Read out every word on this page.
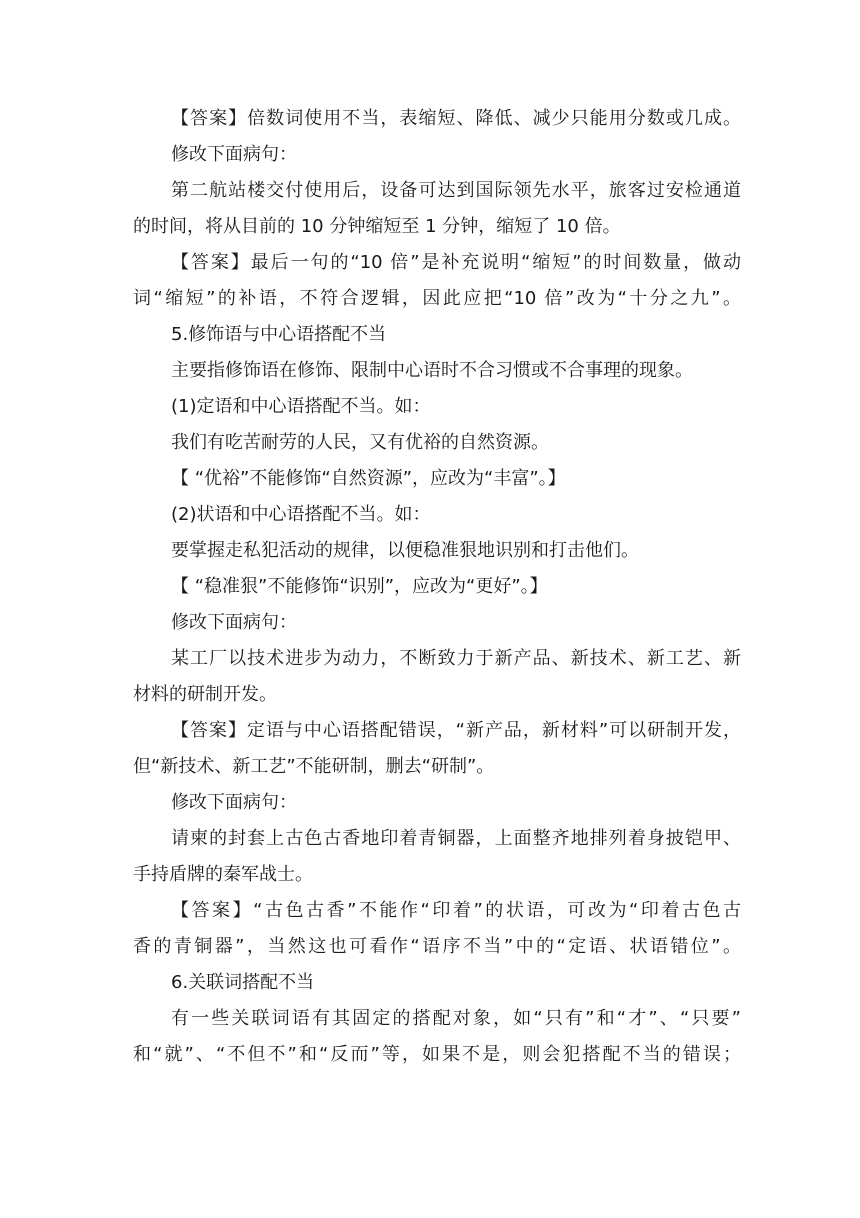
【答案】倍数词使用不当，表缩短、降低、减少只能用分数或几成。
修改下面病句：
第二航站楼交付使用后，设备可达到国际领先水平，旅客过安检通道
的时间，将从目前的 10 分钟缩短至 1 分钟，缩短了 10 倍。
【答案】最后一句的“10 倍”是补充说明“缩短”的时间数量，做动
词“缩短”的补语，不符合逻辑，因此应把“10 倍”改为“十分之九”。
5.修饰语与中心语搭配不当
主要指修饰语在修饰、限制中心语时不合习惯或不合事理的现象。
(1)定语和中心语搭配不当。如：
我们有吃苦耐劳的人民，又有优裕的自然资源。
【 “优裕”不能修饰“自然资源”，应改为“丰富”。】
(2)状语和中心语搭配不当。如：
要掌握走私犯活动的规律，以便稳准狠地识别和打击他们。
【 “稳准狠”不能修饰“识别”，应改为“更好”。】
修改下面病句：
某工厂以技术进步为动力，不断致力于新产品、新技术、新工艺、新
材料的研制开发。
【答案】定语与中心语搭配错误，“新产品，新材料”可以研制开发，
但“新技术、新工艺”不能研制，删去“研制”。
修改下面病句：
请柬的封套上古色古香地印着青铜器，上面整齐地排列着身披铠甲、
手持盾牌的秦军战士。
【答案】“古色古香”不能作“印着”的状语，可改为“印着古色古
香的青铜器”，当然这也可看作“语序不当”中的“定语、状语错位”。
6.关联词搭配不当
有一些关联词语有其固定的搭配对象，如“只有”和“才”、“只要”
和“就”、“不但不”和“反而”等，如果不是，则会犯搭配不当的错误；
